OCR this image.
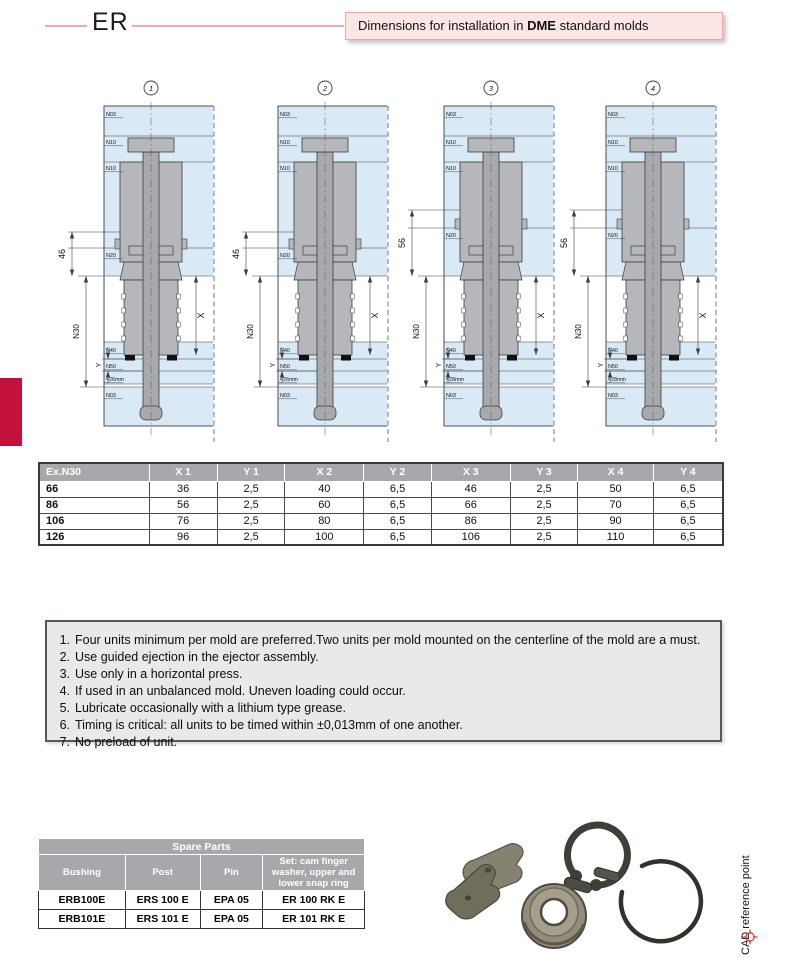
ER	Dimensions for installation in DME standard molds
1
46
N30
Y
X
N03
N10
N10
N20
N40
N50
≈26mm
N03
2
46
N30
Y
X
N03
N10
N10
N20
N40
N50
≈26mm
N03
3
56
N30
Y
X
N03
N10
N10
N20
N40
N50
≈28mm
N03
4
56
N30
Y
X
N03
N10
N10
N20
N40
N50
≈28mm
N03
Ex.N30	X 1	Y 1	X 2	Y 2	X 3	Y 3	X 4	Y 4
66	36	2,5	40	6,5	46	2,5	50	6,5
86	56	2,5	60	6,5	66	2,5	70	6,5
106	76	2,5	80	6,5	86	2,5	90	6,5
126	96	2,5	100	6,5	106	2,5	110	6,5
1. Four units minimum per mold are preferred.Two units per mold mounted on the centerline of the mold are a must.
2. Use guided ejection in the ejector assembly.
3. Use only in a horizontal press.
4. If used in an unbalanced mold. Uneven loading could occur.
5. Lubricate occasionally with a lithium type grease.
6. Timing is critical: all units to be timed within ±0,013mm of one another.
7. No preload of unit.
Spare Parts			
Bushing	Post	Pin	Set: cam finger washer, upper and lower snap ring
ERB100E	ERS 100 E	EPA 05	ER 100 RK E
ERB101E	ERS 101 E	EPA 05	ER 101 RK E	CAD reference point
